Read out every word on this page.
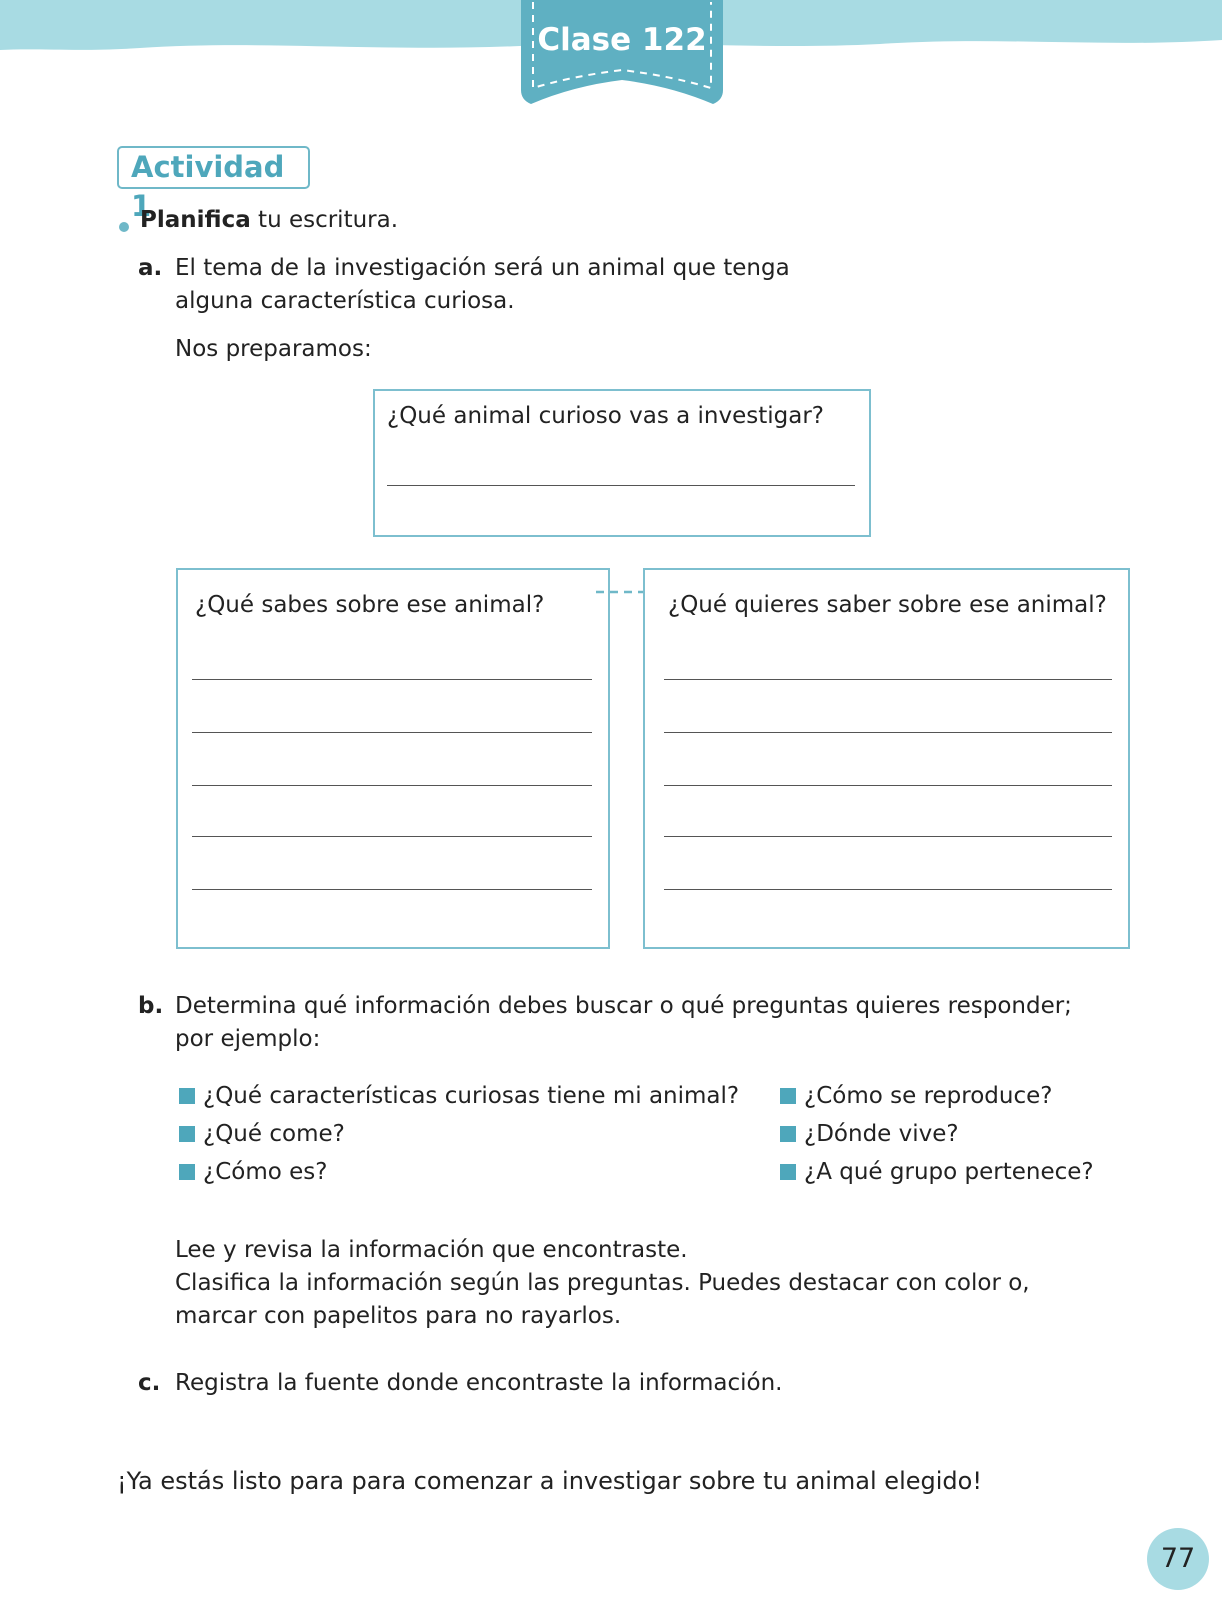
Clase 122
Actividad 1
Planifica tu escritura.
a. El tema de la investigación será un animal que tenga
alguna característica curiosa.
Nos preparamos:
¿Qué animal curioso vas a investigar?
¿Qué sabes sobre ese animal?	¿Qué quieres saber sobre ese animal?
b. Determina qué información debes buscar o qué preguntas quieres responder;
por ejemplo:
¿Qué características curiosas tiene mi animal?
¿Qué come?
¿Cómo es?
¿Cómo se reproduce?
¿Dónde vive?
¿A qué grupo pertenece?
Lee y revisa la información que encontraste.
Clasifica la información según las preguntas. Puedes destacar con color o,
marcar con papelitos para no rayarlos.
c. Registra la fuente donde encontraste la información.
¡Ya estás listo para para comenzar a investigar sobre tu animal elegido!
77
